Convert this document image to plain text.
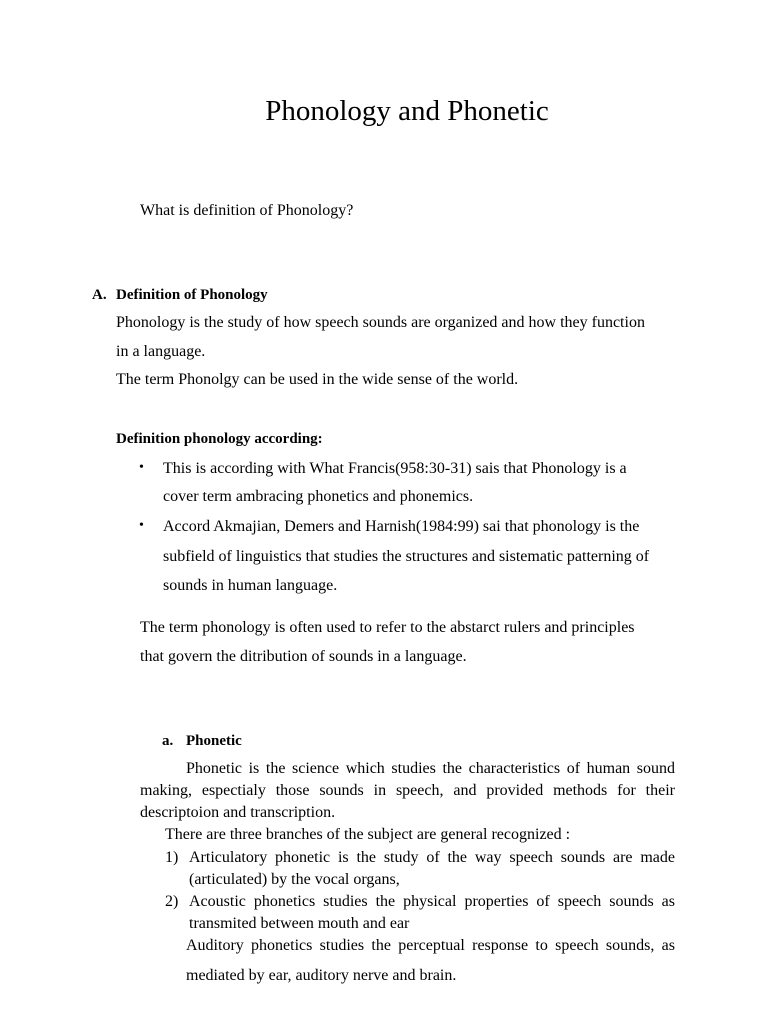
Phonology and Phonetic
What is definition of Phonology?
A. Definition of Phonology
Phonology is the study of how speech sounds are organized and how they function
in a language.
The term Phonolgy can be used in the wide sense of the world.
Definition phonology according:
• This is according with What Francis(958:30-31) sais that Phonology is a
cover term ambracing phonetics and phonemics.
• Accord Akmajian, Demers and Harnish(1984:99) sai that phonology is the
subfield of linguistics that studies the structures and sistematic patterning of
sounds in human language.
The term phonology is often used to refer to the abstarct rulers and principles
that govern the ditribution of sounds in a language.
a. Phonetic
Phonetic is the science which studies the characteristics of human sound
making, espectialy those sounds in speech, and provided methods for their
descriptoion and transcription.
There are three branches of the subject are general recognized :
1) Articulatory phonetic is the study of the way speech sounds are made
(articulated) by the vocal organs,
2) Acoustic phonetics studies the physical properties of speech sounds as
transmited between mouth and ear
Auditory phonetics studies the perceptual response to speech sounds, as
mediated by ear, auditory nerve and brain.
